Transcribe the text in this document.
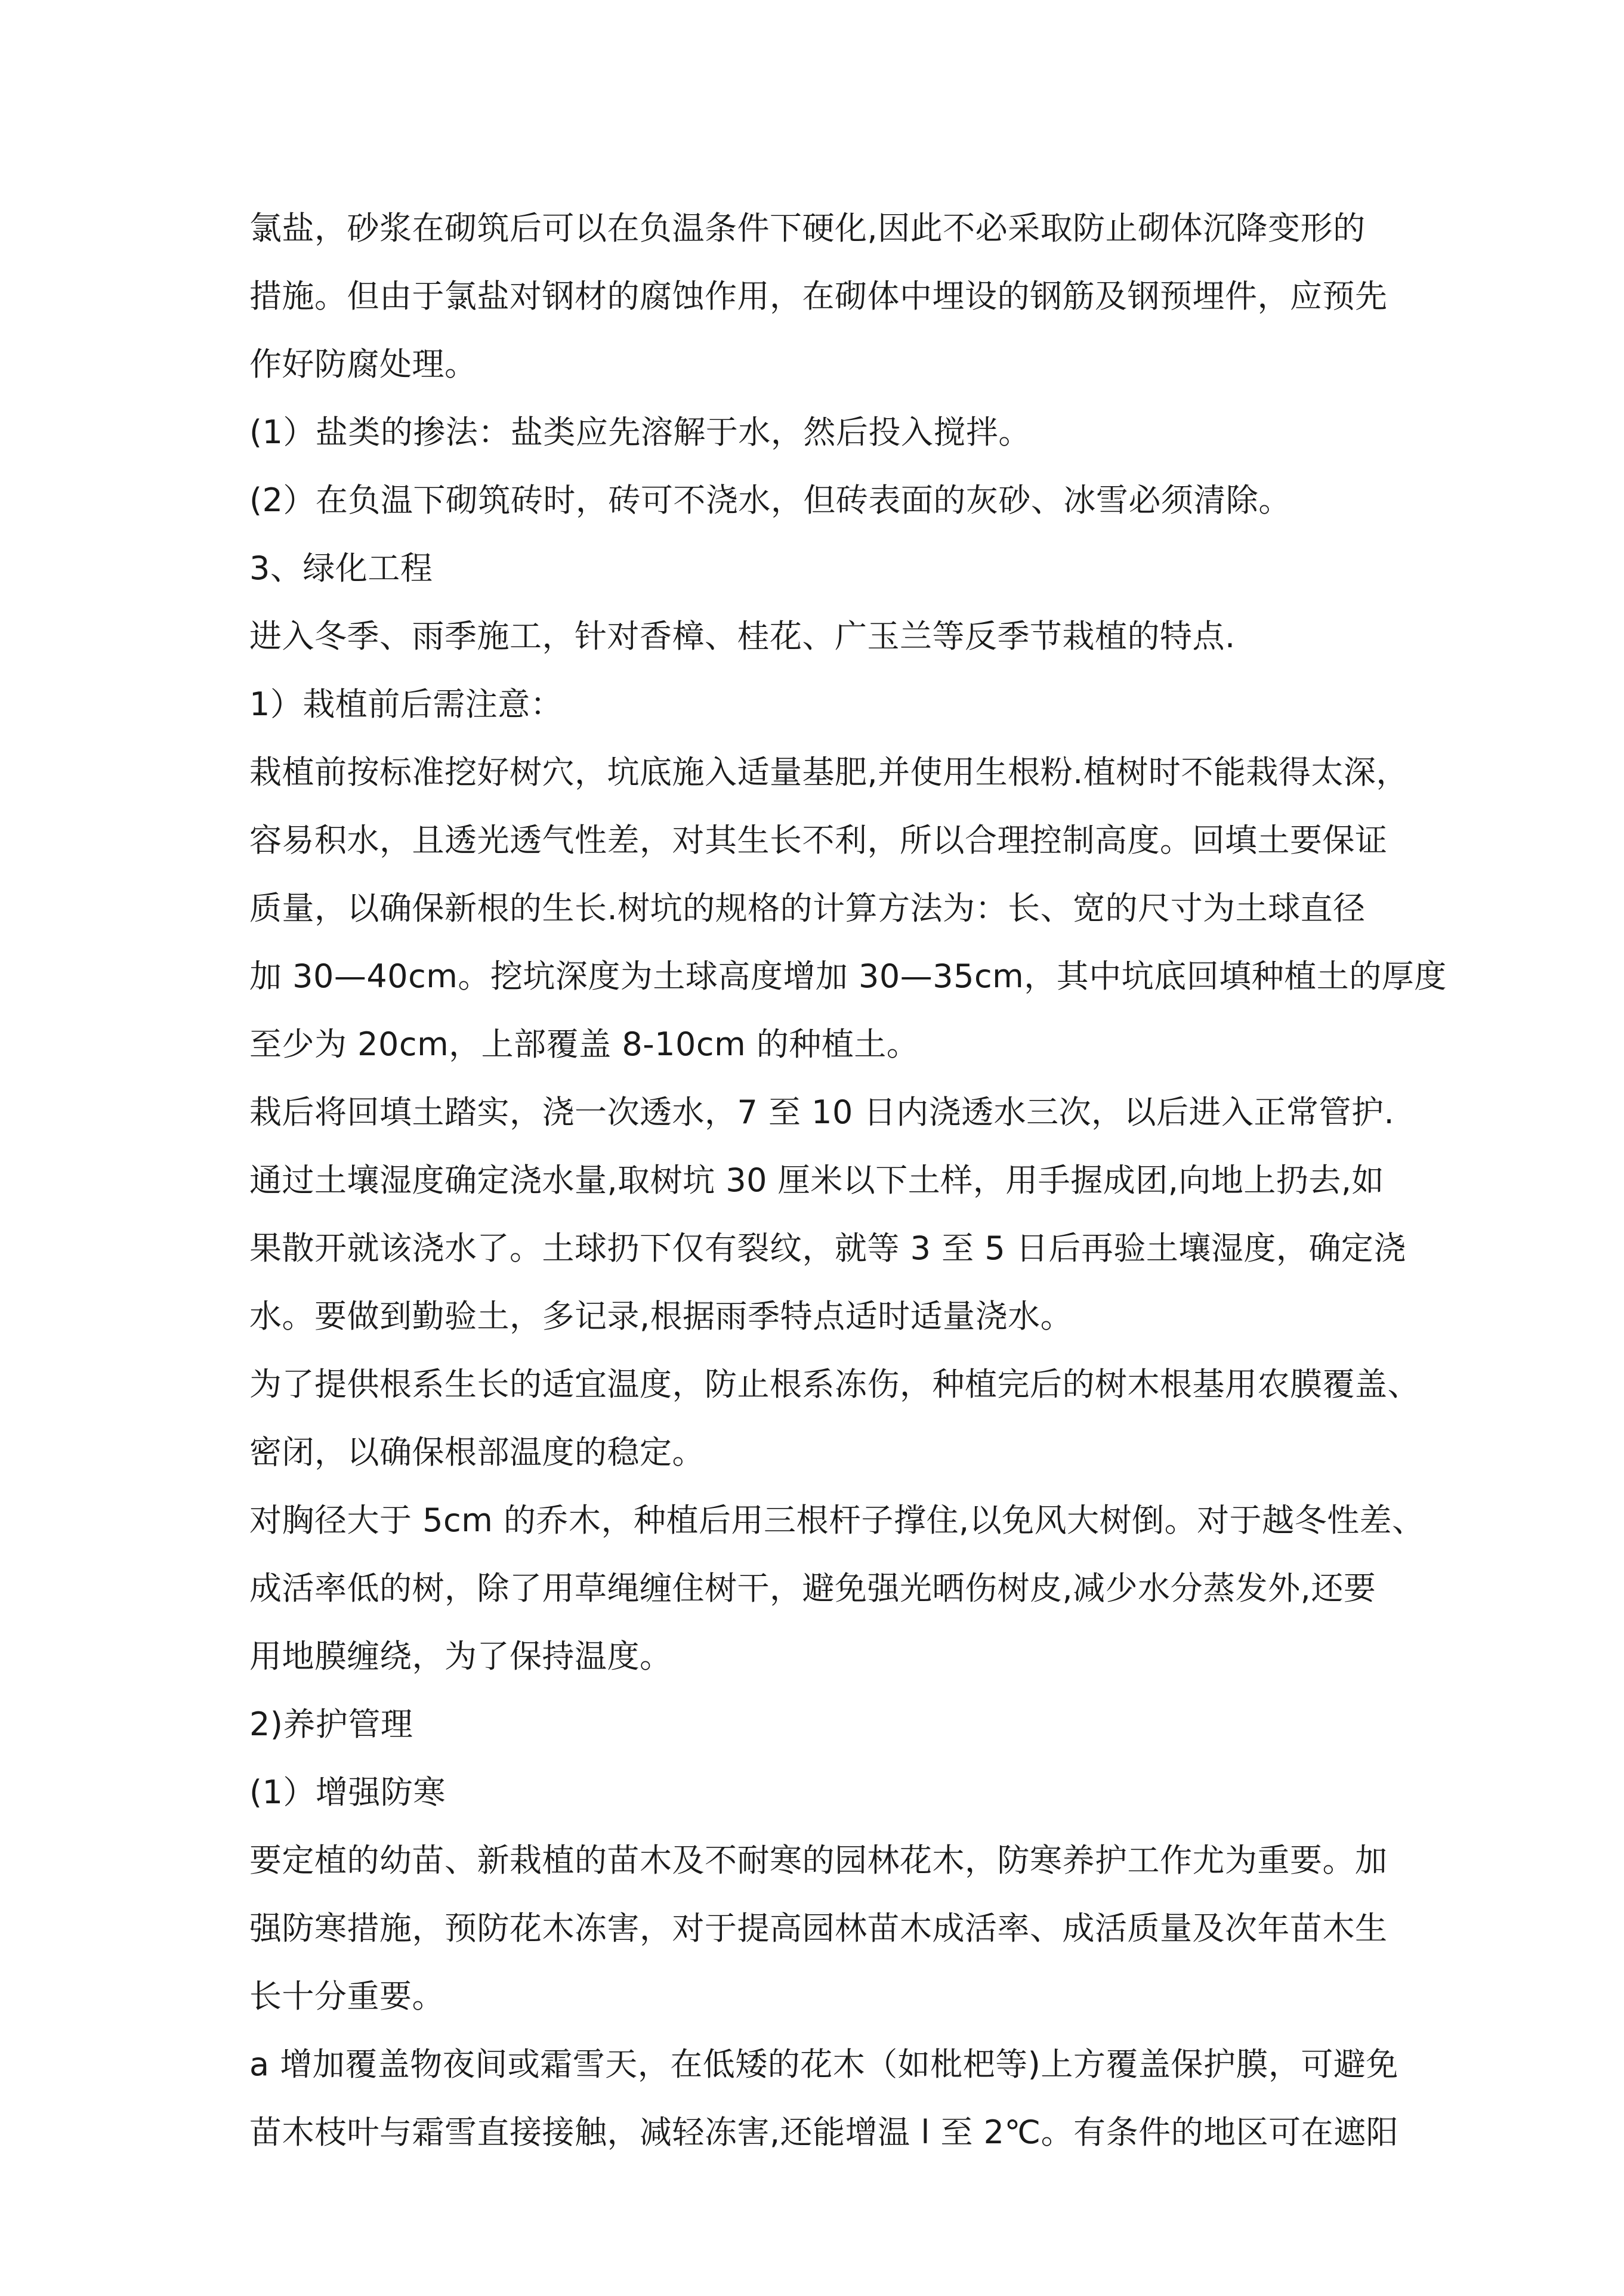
氯盐，砂浆在砌筑后可以在负温条件下硬化,因此不必采取防止砌体沉降变形的
措施。但由于氯盐对钢材的腐蚀作用，在砌体中埋设的钢筋及钢预埋件，应预先
作好防腐处理。
(1）盐类的掺法：盐类应先溶解于水，然后投入搅拌。
(2）在负温下砌筑砖时，砖可不浇水，但砖表面的灰砂、冰雪必须清除。
3、绿化工程
进入冬季、雨季施工，针对香樟、桂花、广玉兰等反季节栽植的特点.
1）栽植前后需注意：
栽植前按标准挖好树穴，坑底施入适量基肥,并使用生根粉.植树时不能栽得太深，
容易积水，且透光透气性差，对其生长不利，所以合理控制高度。回填土要保证
质量，以确保新根的生长.树坑的规格的计算方法为：长、宽的尺寸为土球直径
加 30—40cm。挖坑深度为土球高度增加 30—35cm，其中坑底回填种植土的厚度
至少为 20cm，上部覆盖 8-10cm 的种植土。
栽后将回填土踏实，浇一次透水，7 至 10 日内浇透水三次，以后进入正常管护.
通过土壤湿度确定浇水量,取树坑 30 厘米以下土样，用手握成团,向地上扔去,如
果散开就该浇水了。土球扔下仅有裂纹，就等 3 至 5 日后再验土壤湿度，确定浇
水。要做到勤验土，多记录,根据雨季特点适时适量浇水。
为了提供根系生长的适宜温度，防止根系冻伤，种植完后的树木根基用农膜覆盖、
密闭，以确保根部温度的稳定。
对胸径大于 5cm 的乔木，种植后用三根杆子撑住,以免风大树倒。对于越冬性差、
成活率低的树，除了用草绳缠住树干，避免强光晒伤树皮,减少水分蒸发外,还要
用地膜缠绕，为了保持温度。
2)养护管理
(1）增强防寒
要定植的幼苗、新栽植的苗木及不耐寒的园林花木，防寒养护工作尤为重要。加
强防寒措施，预防花木冻害，对于提高园林苗木成活率、成活质量及次年苗木生
长十分重要。
a 增加覆盖物夜间或霜雪天，在低矮的花木（如枇杷等)上方覆盖保护膜，可避免
苗木枝叶与霜雪直接接触，减轻冻害,还能增温 l 至 2℃。有条件的地区可在遮阳
